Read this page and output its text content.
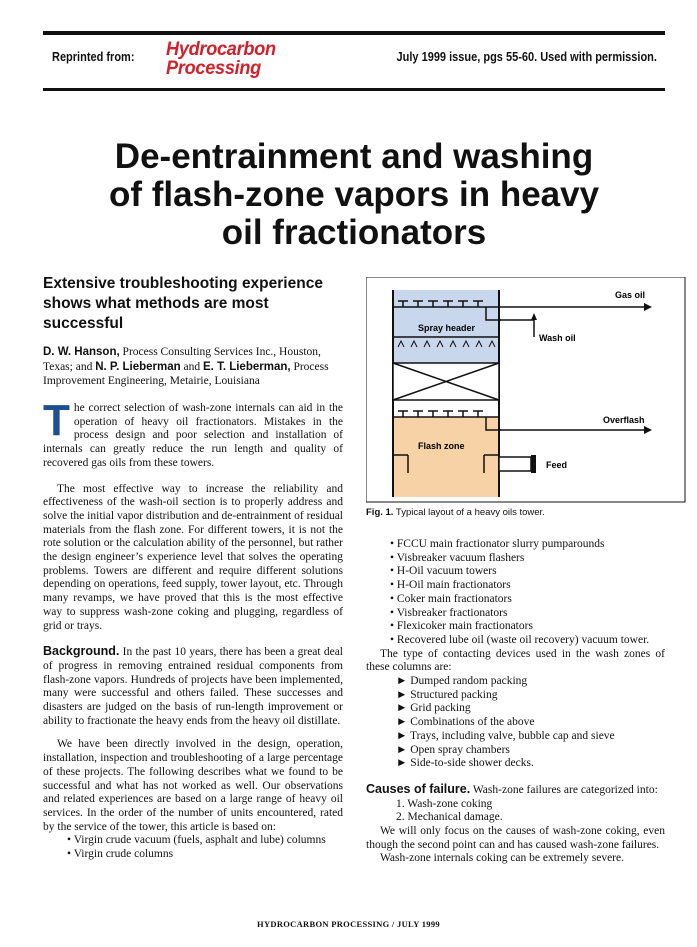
Reprinted from: Hydrocarbon
Processing	July 1999 issue, pgs 55-60. Used with permission.
De-entrainment and washing
of flash-zone vapors in heavy
oil fractionators
Extensive troubleshooting experience shows what methods are most successful
D. W. Hanson, Process Consulting Services Inc., Houston, Texas; and N. P. Lieberman and E. T. Lieberman, Process Improvement Engineering, Metairie, Louisiana

The correct selection of wash-zone internals can aid in the operation of heavy oil fractionators. Mistakes in the process design and poor selection and installation of internals can greatly reduce the run length and quality of recovered gas oils from these towers.

The most effective way to increase the reliability and effectiveness of the wash-oil section is to properly address and solve the initial vapor distribution and de-entrainment of residual materials from the flash zone. For different towers, it is not the rote solution or the calculation ability of the personnel, but rather the design engineer’s experience level that solves the operating problems. Towers are different and require different solutions depending on operations, feed supply, tower layout, etc. Through many revamps, we have proved that this is the most effective way to suppress wash-zone coking and plugging, regardless of grid or trays.

Background. In the past 10 years, there has been a great deal of progress in removing entrained residual components from flash-zone vapors. Hundreds of projects have been implemented, many were successful and others failed. These successes and disasters are judged on the basis of run-length improvement or ability to fractionate the heavy ends from the heavy oil distillate.

We have been directly involved in the design, operation, installation, inspection and troubleshooting of a large percentage of these projects. The following describes what we found to be successful and what has not worked as well. Our observations and related experiences are based on a large range of heavy oil services. In the order of the number of units encountered, rated by the service of the tower, this article is based on:

• Virgin crude vacuum (fuels, asphalt and lube) columns

• Virgin crude columns

Gas oil
Wash oil
Spray header
Overflash
Flash zone
Feed
Fig. 1. Typical layout of a heavy oils tower.

• FCCU main fractionator slurry pumparounds

• Visbreaker vacuum flashers

• H-Oil vacuum towers

• H-Oil main fractionators

• Coker main fractionators

• Visbreaker fractionators

• Flexicoker main fractionators

• Recovered lube oil (waste oil recovery) vacuum tower.

The type of contacting devices used in the wash zones of these columns are:

► Dumped random packing

► Structured packing

► Grid packing

► Combinations of the above

► Trays, including valve, bubble cap and sieve

► Open spray chambers

► Side-to-side shower decks.

Causes of failure. Wash-zone failures are categorized into:

1. Wash-zone coking

2. Mechanical damage.

We will only focus on the causes of wash-zone coking, even though the second point can and has caused wash-zone failures.

Wash-zone internals coking can be extremely severe.

HYDROCARBON PROCESSING / JULY 1999
